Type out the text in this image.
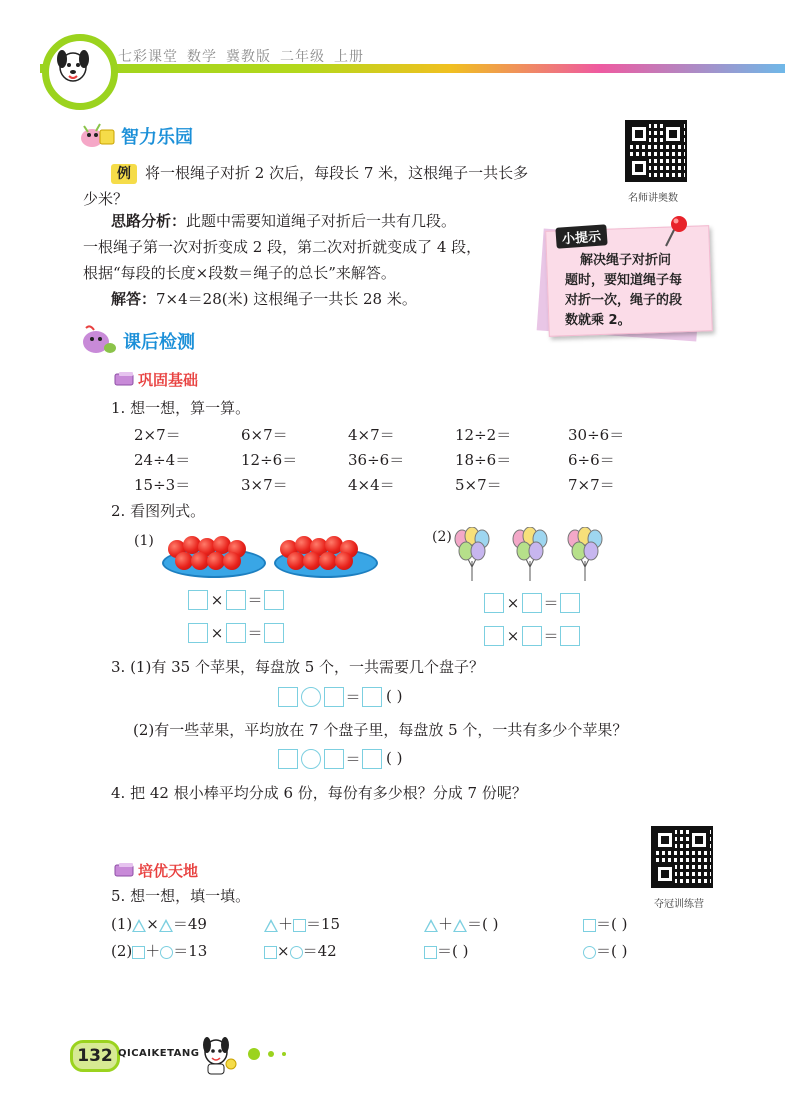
七彩课堂 数学 冀教版 二年级 上册
智力乐园
名师讲奥数
例 将一根绳子对折 2 次后，每段长 7 米，这根绳子一共长多
少米？
思路分析：此题中需要知道绳子对折后一共有几段。
一根绳子第一次对折变成 2 段，第二次对折就变成了 4 段，
根据“每段的长度×段数＝绳子的总长”来解答。
解答：7×4＝28(米) 这根绳子一共长 28 米。
小提示
解决绳子对折问
题时，要知道绳子每
对折一次，绳子的段
数就乘 2。
课后检测
巩固基础
1. 想一想，算一算。
2×7＝	6×7＝	4×7＝	12÷2＝	30÷6＝
24÷4＝	12÷6＝	36÷6＝	18÷6＝	6÷6＝
15÷3＝	3×7＝	4×4＝	5×7＝	7×7＝
2. 看图列式。
(1)
× ＝
× ＝
(2)
× ＝
× ＝
3. (1)有 35 个苹果，每盘放 5 个，一共需要几个盘子？
＝ ( )
(2)有一些苹果，平均放在 7 个盘子里，每盘放 5 个，一共有多少个苹果？
＝ ( )
4. 把 42 根小棒平均分成 6 份，每份有多少根？分成 7 份呢？
夺冠训练营
培优天地
5. 想一想，填一填。
(1) × ＝49	＋ ＝15	＋ ＝( )	＝( )
(2) ＋ ＝13	× ＝42	＝( )	＝( )
132 QICAIKETANG
